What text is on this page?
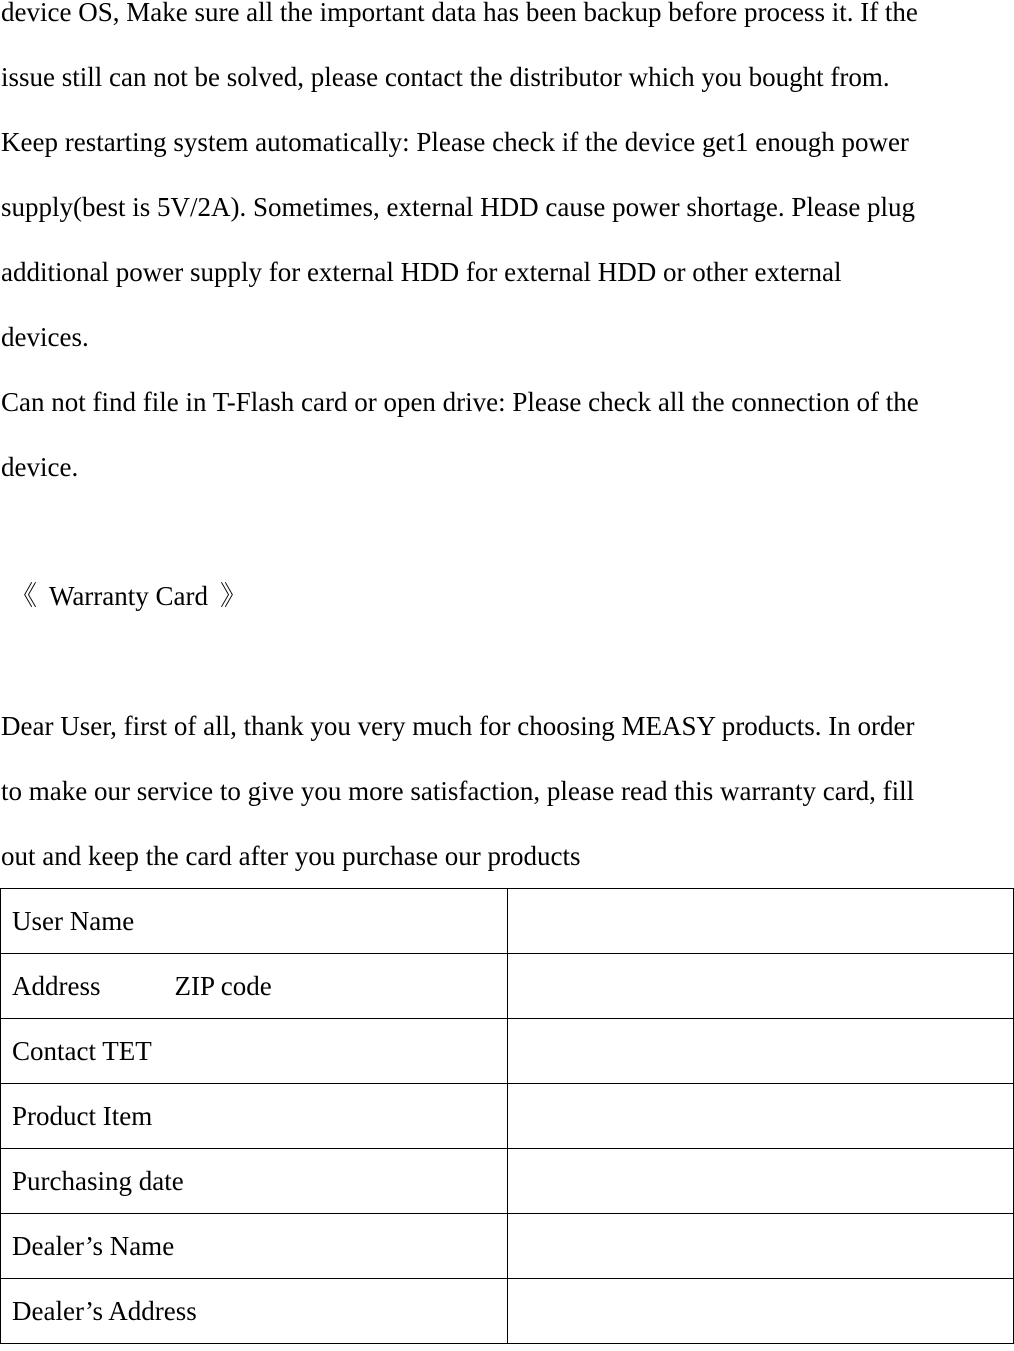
device OS, Make sure all the important data has been backup before process it. If the
issue still can not be solved, please contact the distributor which you bought from.
Keep restarting system automatically: Please check if the device get1 enough power
supply(best is 5V/2A). Sometimes, external HDD cause power shortage. Please plug
additional power supply for external HDD for external HDD or other external
devices.
Can not find file in T-Flash card or open drive: Please check all the connection of the
device.
《 Warranty Card 》
Dear User, first of all, thank you very much for choosing MEASY products. In order
to make our service to give you more satisfaction, please read this warranty card, fill
out and keep the card after you purchase our products
User Name	
Address ZIP code	
Contact TET	
Product Item	
Purchasing date	
Dealer’s Name	
Dealer’s Address	
